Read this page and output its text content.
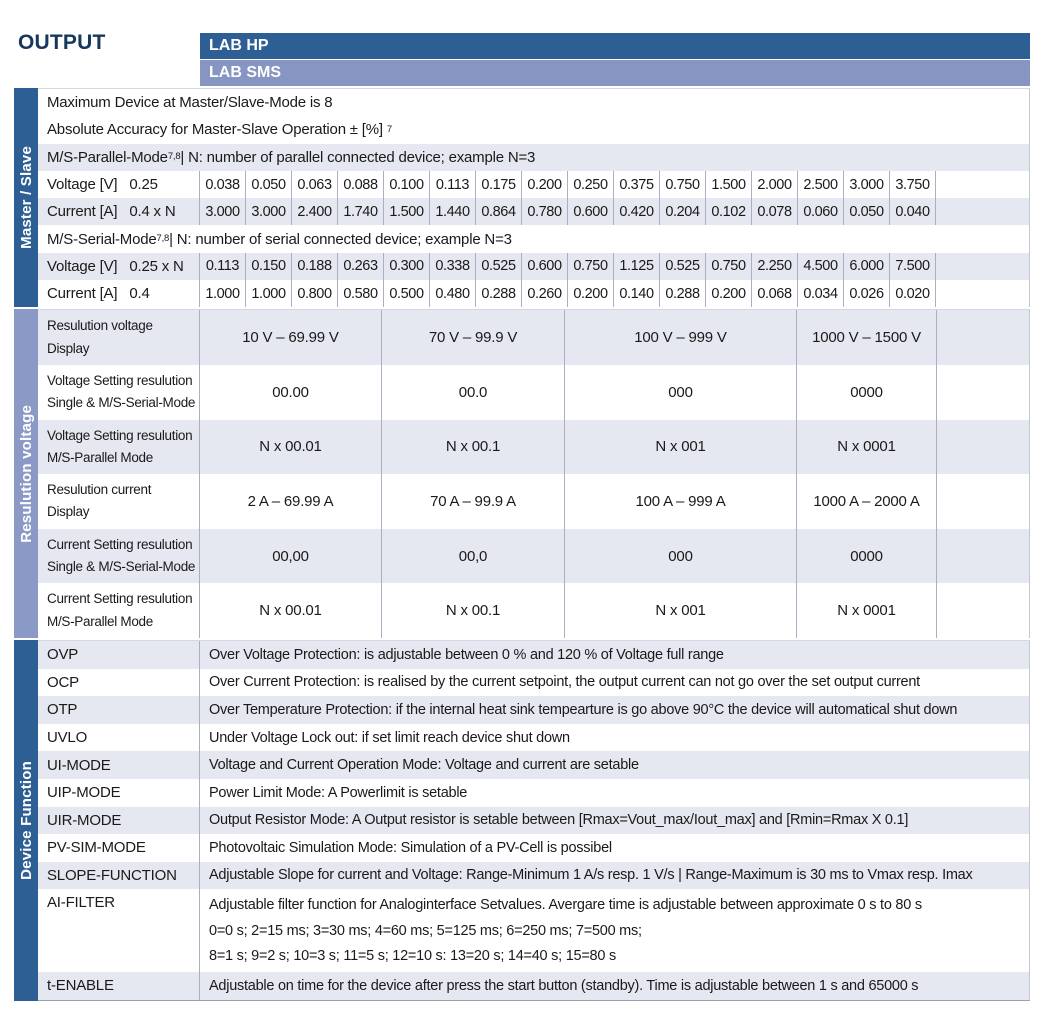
OUTPUT	LAB HP
LAB SMS
Master / Slave
Maximum Device at Master/Slave-Mode is 8
Absolute Accuracy for Master-Slave Operation ± [%]
7
M/S-Parallel-Mode 7,8 | N: number of parallel connected device; example N=3
Voltage [V] 0.25	0.038 0.050 0.063 0.088 0.100 0.113 0.175 0.200 0.250 0.375 0.750 1.500 2.000 2.500 3.000 3.750
Current [A] 0.4 x N	3.000 3.000 2.400 1.740 1.500 1.440 0.864 0.780 0.600 0.420 0.204 0.102 0.078 0.060 0.050 0.040
M/S-Serial-Mode 7,8 | N: number of serial connected device; example N=3
Voltage [V] 0.25 x N	0.113 0.150 0.188 0.263 0.300 0.338 0.525 0.600 0.750 1.125 0.525 0.750 2.250 4.500 6.000 7.500
Current [A] 0.4	1.000 1.000 0.800 0.580 0.500 0.480 0.288 0.260 0.200 0.140 0.288 0.200 0.068 0.034 0.026 0.020
Resulution voltage
Resulution voltage
Display
10 V – 69.99 V	70 V – 99.9 V	100 V – 999 V	1000 V – 1500 V
Voltage Setting resulution
Single & M/S-Serial-Mode
00.00	00.0	000	0000
Voltage Setting resulution
M/S-Parallel Mode
N x 00.01	N x 00.1	N x 001	N x 0001
Resulution current
Display
2 A – 69.99 A	70 A – 99.9 A	100 A – 999 A	1000 A – 2000 A
Current Setting resulution
Single & M/S-Serial-Mode
00,00	00,0	000	0000
Current Setting resulution
M/S-Parallel Mode
N x 00.01	N x 00.1	N x 001	N x 0001
Device Function
OVP	Over Voltage Protection: is adjustable between 0 % and 120 % of Voltage full range
OCP	Over Current Protection: is realised by the current setpoint, the output current can not go over the set output current
OTP	Over Temperature Protection: if the internal heat sink tempearture is go above 90°C the device will automatical shut down
UVLO	Under Voltage Lock out: if set limit reach device shut down
UI-MODE	Voltage and Current Operation Mode: Voltage and current are setable
UIP-MODE	Power Limit Mode: A Powerlimit is setable
UIR-MODE	Output Resistor Mode: A Output resistor is setable between [Rmax=Vout_max/Iout_max] and [Rmin=Rmax X 0.1]
PV-SIM-MODE	Photovoltaic Simulation Mode: Simulation of a PV-Cell is possibel
SLOPE-FUNCTION	Adjustable Slope for current and Voltage: Range-Minimum 1 A/s resp. 1 V/s | Range-Maximum is 30 ms to Vmax resp. Imax
AI-FILTER	Adjustable filter function for Analoginterface Setvalues. Avergare time is adjustable between approximate 0 s to 80 s
0=0 s; 2=15 ms; 3=30 ms; 4=60 ms; 5=125 ms; 6=250 ms; 7=500 ms;
8=1 s; 9=2 s; 10=3 s; 11=5 s; 12=10 s: 13=20 s; 14=40 s; 15=80 s
t-ENABLE	Adjustable on time for the device after press the start button (standby). Time is adjustable between 1 s and 65000 s
